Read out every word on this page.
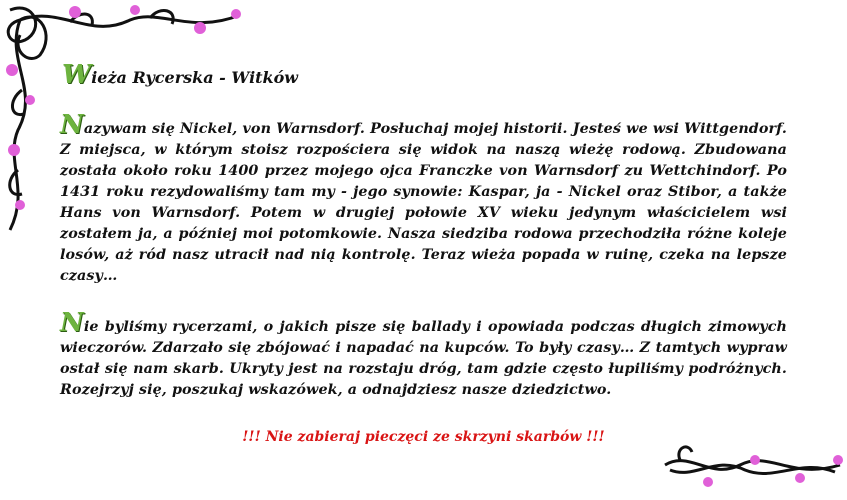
Wieża Rycerska - Witków
Nazywam się Nickel, von Warnsdorf. Posłuchaj mojej historii. Jesteś we wsi Wittgendorf. Z miejsca, w którym stoisz rozpościera się widok na naszą wieżę rodową. Zbudowana została około roku 1400 przez mojego ojca Franczke von Warnsdorf zu Wettchindorf. Po 1431 roku rezydowaliśmy tam my - jego synowie: Kaspar, ja - Nickel oraz Stibor, a także Hans von Warnsdorf. Potem w drugiej połowie XV wieku jedynym właścicielem wsi zostałem ja, a później moi potomkowie. Nasza siedziba rodowa przechodziła różne koleje losów, aż ród nasz utracił nad nią kontrolę. Teraz wieża popada w ruinę, czeka na lepsze czasy…
Nie byliśmy rycerzami, o jakich pisze się ballady i opowiada podczas długich zimowych wieczorów. Zdarzało się zbójować i napadać na kupców. To były czasy… Z tamtych wypraw ostał się nam skarb. Ukryty jest na rozstaju dróg, tam gdzie często łupiliśmy podróżnych. Rozejrzyj się, poszukaj wskazówek, a odnajdziesz nasze dziedzictwo.
!!! Nie zabieraj pieczęci ze skrzyni skarbów !!!
